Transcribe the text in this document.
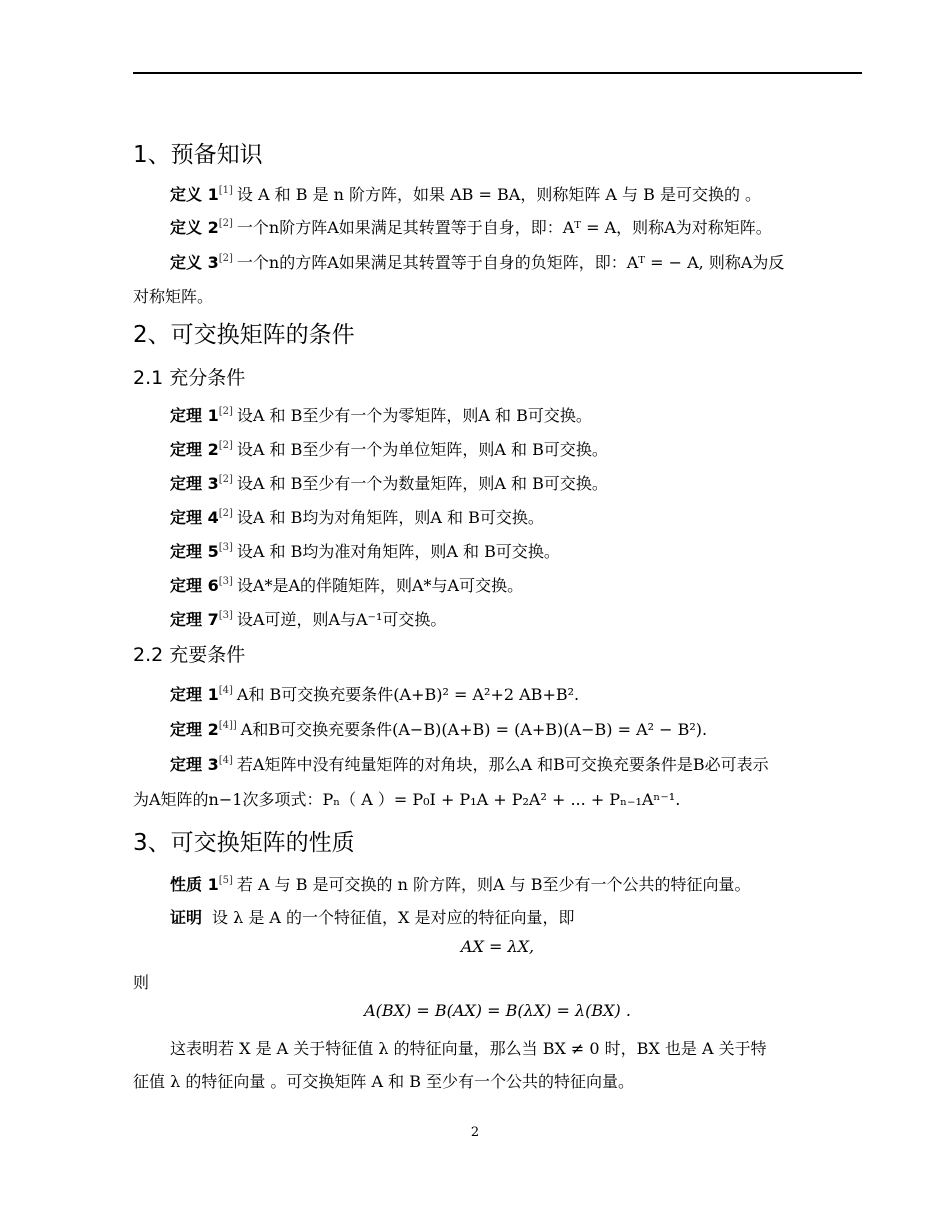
1、预备知识
定义 1[1] 设 A 和 B 是 n 阶方阵，如果 AB = BA，则称矩阵 A 与 B 是可交换的 。
定义 2[2] 一个n阶方阵A如果满足其转置等于自身，即：Aᵀ = A，则称A为对称矩阵。
定义 3[2] 一个n的方阵A如果满足其转置等于自身的负矩阵，即：Aᵀ = − A, 则称A为反
对称矩阵。
2、可交换矩阵的条件
2.1 充分条件
定理 1[2] 设A 和 B至少有一个为零矩阵，则A 和 B可交换。
定理 2[2] 设A 和 B至少有一个为单位矩阵，则A 和 B可交换。
定理 3[2] 设A 和 B至少有一个为数量矩阵，则A 和 B可交换。
定理 4[2] 设A 和 B均为对角矩阵，则A 和 B可交换。
定理 5[3] 设A 和 B均为准对角矩阵，则A 和 B可交换。
定理 6[3] 设A*是A的伴随矩阵，则A*与A可交换。
定理 7[3] 设A可逆，则A与A⁻¹可交换。
2.2 充要条件
定理 1[4] A和 B可交换充要条件(A+B)² = A²+2 AB+B².
定理 2[4]] A和B可交换充要条件(A−B)(A+B) = (A+B)(A−B) = A² − B²).
定理 3[4] 若A矩阵中没有纯量矩阵的对角块，那么A 和B可交换充要条件是B必可表示
为A矩阵的n−1次多项式：Pₙ（ A ）= P₀I + P₁A + P₂A² + ... + Pₙ₋₁Aⁿ⁻¹.
3、可交换矩阵的性质
性质 1[5] 若 A 与 B 是可交换的 n 阶方阵，则A 与 B至少有一个公共的特征向量。
证明 设 λ 是 A 的一个特征值，X 是对应的特征向量，即
AX = λX,
则
A(BX) = B(AX) = B(λX) = λ(BX) .
这表明若 X 是 A 关于特征值 λ 的特征向量，那么当 BX ≠ 0 时，BX 也是 A 关于特
征值 λ 的特征向量 。可交换矩阵 A 和 B 至少有一个公共的特征向量。
2
